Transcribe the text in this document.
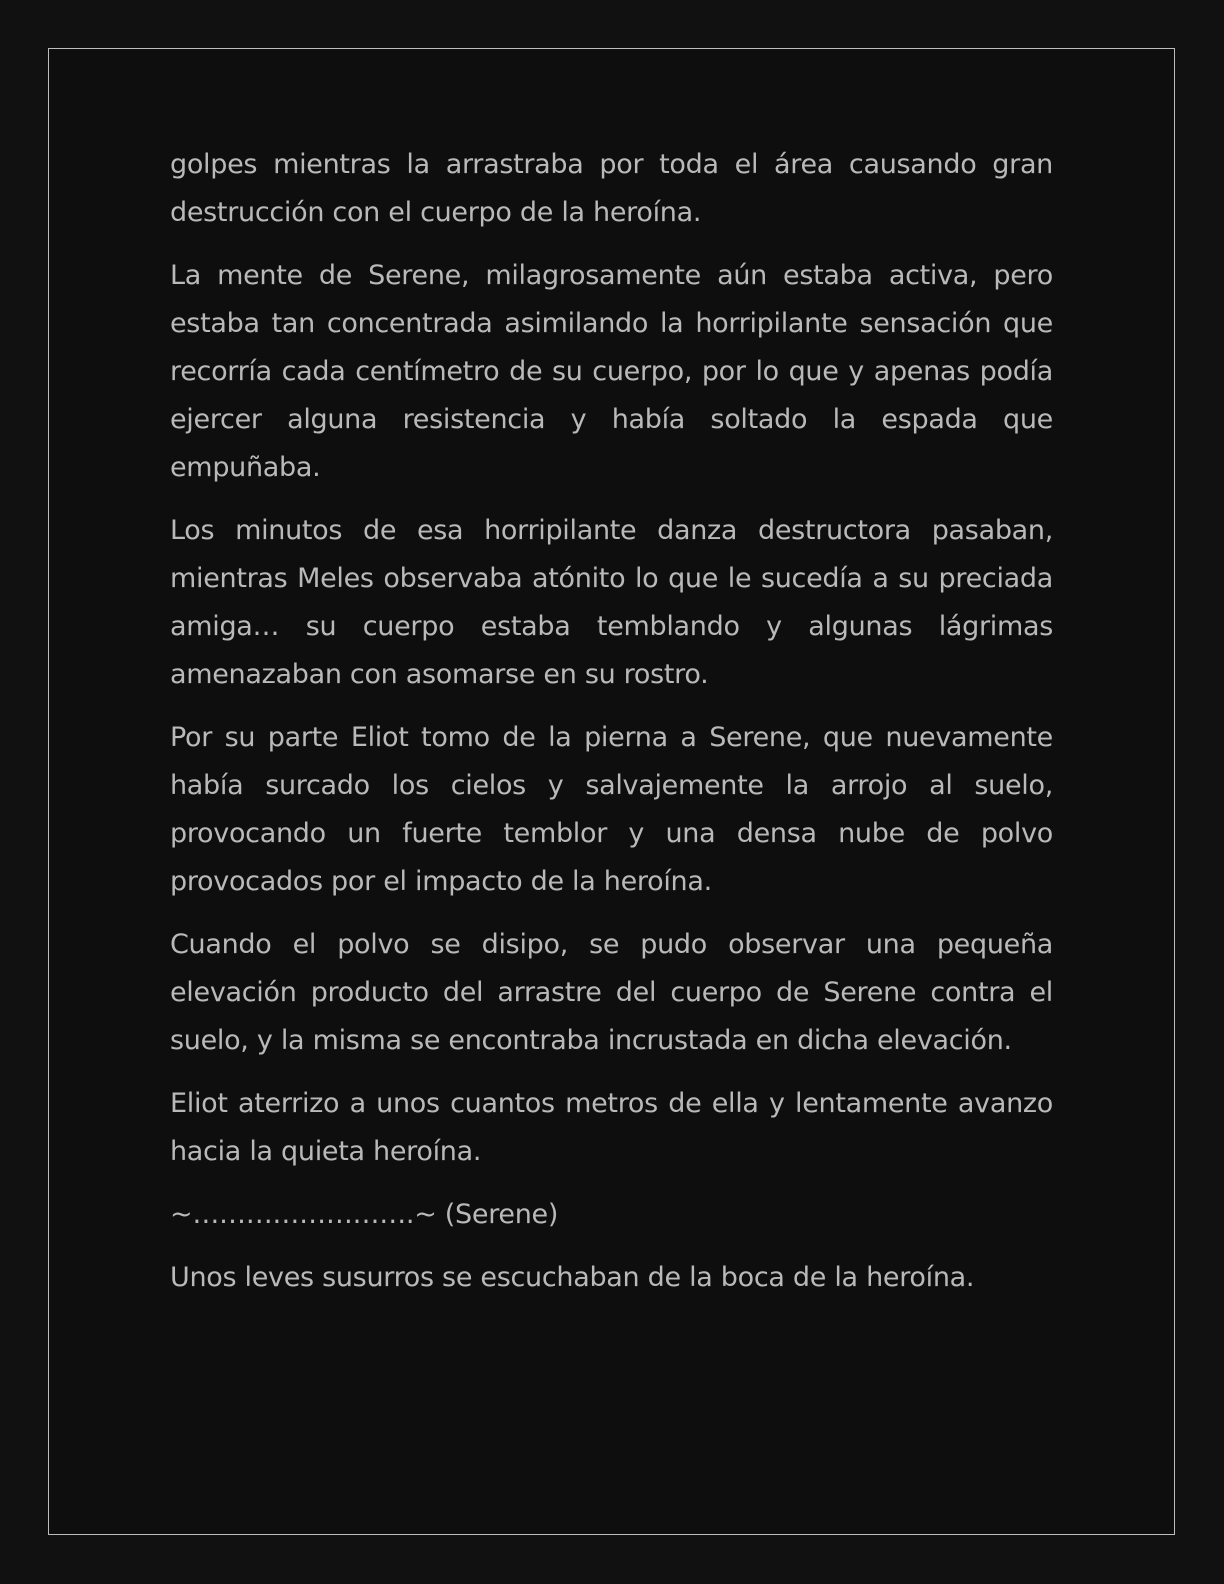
golpes mientras la arrastraba por toda el área causando gran destrucción con el cuerpo de la heroína.

La mente de Serene, milagrosamente aún estaba activa, pero estaba tan concentrada asimilando la horripilante sensación que recorría cada centímetro de su cuerpo, por lo que y apenas podía ejercer alguna resistencia y había soltado la espada que empuñaba.

Los minutos de esa horripilante danza destructora pasaban, mientras Meles observaba atónito lo que le sucedía a su preciada amiga… su cuerpo estaba temblando y algunas lágrimas amenazaban con asomarse en su rostro.

Por su parte Eliot tomo de la pierna a Serene, que nuevamente había surcado los cielos y salvajemente la arrojo al suelo, provocando un fuerte temblor y una densa nube de polvo provocados por el impacto de la heroína.

Cuando el polvo se disipo, se pudo observar una pequeña elevación producto del arrastre del cuerpo de Serene contra el suelo, y la misma se encontraba incrustada en dicha elevación.

Eliot aterrizo a unos cuantos metros de ella y lentamente avanzo hacia la quieta heroína.

~…………………….~ (Serene)

Unos leves susurros se escuchaban de la boca de la heroína.
